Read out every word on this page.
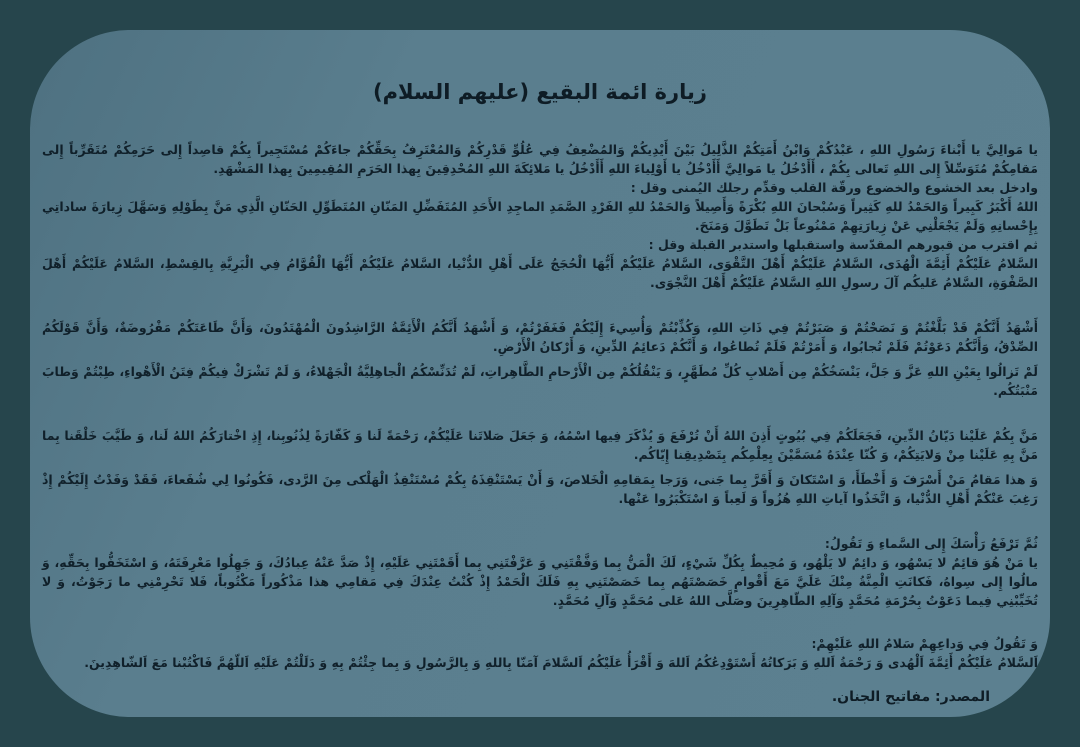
زيارة ائمة البقيع (عليهم السلام)

يا مَوالِيَّ يا أَبْناءَ رَسُولِ اللهِ ، عَبْدُكُمْ وَابْنُ أَمَتِكُمْ الذَّلِيلُ بَيْنَ أَيْدِيكُمْ وَالمُضْعِفُ فِي عُلُوِّ قَدْرِكُمْ وَالمُعْتَرِفُ بِحَقِّكُمْ جاءَكُمْ مُسْتَجِيراً بِكُمْ قاصِداً إِلى حَرَمِكُمْ مُتَقَرِّباً إِلى مَقامِكُمْ مُتَوَسِّلاً إِلى اللهِ تَعالى بِكُمْ ، أَأَدْخُلُ يا مَوالِيَّ أَأَدْخُلُ يا أَوْلِياءَ اللهِ أَأَدْخُلُ يا مَلائِكَةَ اللهِ المُحْدِقِينَ بِهذا الحَرَمِ المُقِيمِينَ بِهذا المَشْهَدِ.

وادخل بعد الخشوع والخضوع ورقّة القلب وقدِّم رجلك اليُمنى وقل :

اللهُ أَكْبَرُ كَبِيراً وَالحَمْدُ للهِ كَثِيراً وَسُبْحانَ اللهِ بُكْرَةً وَأَصِيلاً وَالحَمْدُ للهِ الفَرْدِ الصَّمَدِ الماجِدِ الأَحَدِ المُتَفَضِّلِ المَنّانِ المُتَطَوِّلِ الحَنّانِ الَّذِي مَنَّ بِطَوْلِهِ وَسَهَّلَ زِيارَةَ ساداتِي بِإِحْسانِهِ وَلَمْ يَجْعَلْنِي عَنْ زِيارَتِهِمْ مَمْنُوعاً بَلْ تَطَوَّلَ وَمَنَحَ.

ثم اقترب من قبورهم المقدّسة واستقبلها واستدبر القبلة وقل :

السَّلامُ عَلَيْكُمْ أَئِمَّةَ الْهُدَى، السَّلامُ عَلَيْكُمْ أَهْلَ التَّقْوَى، السَّلامُ عَلَيْكُمْ أَيُّهَا الْحُجَجُ عَلَى أَهْلِ الدُّنْيا، السَّلامُ عَلَيْكُمْ أَيُّهَا الْقُوَّامُ فِي الْبَرِيَّةِ بِالقِسْطِ، السَّلامُ عَلَيْكُمْ أَهْلَ الصَّفْوَةِ، السَّلامُ عَليكُم آلَ رسولِ اللهِ السَّلامُ عَلَيْكُمْ أَهْلَ النَّجْوَى.

أَشْهَدُ أَنَّكُمْ قَدْ بَلَّغْتُمْ وَ نَصَحْتُمْ وَ صَبَرْتُمْ فِي ذَاتِ اللهِ، وَكُذِّبْتُمْ وَأُسِيءَ إِلَيْكُمْ فَغَفَرْتُمْ، وَ أَشْهَدُ أَنَّكُمُ الْأَئِمَّةُ الرَّاشِدُونَ الْمُهْتَدُونَ، وَأَنَّ طَاعَتَكُمْ مَفْرُوضَةٌ، وَأَنَّ قَوْلَكُمُ الصِّدْقُ، وَأَنَّكُمْ دَعَوْتُمْ فَلَمْ تُجابُوا، وَ أَمَرْتُمْ فَلَمْ تُطاعُوا، وَ أَنَّكُمْ دَعائِمُ الدِّينِ، وَ أَرْكانُ الْأَرْضِ.

لَمْ تَزالُوا بِعَيْنِ اللهِ عَزَّ وَ جَلَّ، يَنْسَخُكُمْ مِن أَصْلابِ كُلِّ مُطَهَّرٍ، وَ يَنْقُلُكُمْ مِن الْأَرْحامِ الطَّاهِراتِ، لَمْ تُدَنِّسْكُمُ الْجاهِلِيَّةُ الْجَهْلاءُ، وَ لَمْ تَشْرَكْ فِيكُمْ فِتَنُ الْأَهْواءِ، طِبْتُمْ وَطابَ مَنْبَتُكُم.

مَنَّ بِكُمْ عَلَيْنا دَيّانُ الدِّينِ، فَجَعَلَكُمْ فِي بُيُوتٍ أَذِنَ اللهُ أَنْ تُرْفَعَ وَ يُذْكَرَ فِيها اسْمُهُ، وَ جَعَلَ صَلاتَنا عَلَيْكُمْ، رَحْمَةً لَنا وَ كَفّارَةً لِذُنُوبِنا، إِذِ اخْتارَكُمُ اللهُ لَنا، وَ طَيَّبَ خَلْقَنا بِما مَنَّ بِهِ عَلَيْنا مِنْ وَلايَتِكُمْ، وَ كُنّا عِنْدَهُ مُسَمَّيْنَ بِعِلْمِكُم بِتَصْدِيقِنا إِيّاكُم.

وَ هذا مَقامُ مَنْ أَسْرَفَ وَ أَخْطَأَ، وَ اسْتَكانَ وَ أَقَرَّ بِما جَنى، وَرَجا بِمَقامِهِ الْخَلاصَ، وَ أَنْ يَسْتَنْقِذَهُ بِكُمْ مُسْتَنْقِذُ الْهَلْكى مِنَ الرَّدى، فَكُونُوا لِي شُفَعاءَ، فَقَدْ وَفَدْتُ إِلَيْكُمْ إِذْ رَغِبَ عَنْكُمْ أَهْلِ الدُّنْيا، وَ اتَّخَذُوا آياتِ اللهِ هُزُواً وَ لَعِباً وَ اسْتَكْبَرُوا عَنْها.

ثُمَّ تَرْفَعُ رَأْسَكَ إِلى السَّماءِ وَ تَقُولُ:

يا مَنْ هُوَ قائِمٌ لا يَسْهُو، وَ دائِمٌ لا يَلْهُو، وَ مُحِيطٌ بِكُلِّ شَيْءٍ، لَكَ الْمَنُّ بِما وَفَّقْتَنِي وَ عَرَّفْتَنِي بِما أَقَمْتَنِي عَلَيْهِ، إِذْ صَدَّ عَنْهُ عِبادُكَ، وَ جَهِلُوا مَعْرِفَتَهُ، وَ اسْتَخَفُّوا بِحَقِّهِ، وَ مالُوا إِلى سِواهُ، فَكانَتِ الْمِنَّةُ مِنْكَ عَلَيَّ مَعَ أَقْوامٍ خَصَصْتَهُم بِما خَصَصْتَنِي بِهِ فَلَكَ الْحَمْدُ إِذْ كُنْتُ عِنْدَكَ فِي مَقامِي هذا مَذْكُوراً مَكْتُوباً، فَلا تَحْرِمْنِي ما رَجَوْتُ، وَ لا تُخَيِّبْنِي فِيما دَعَوْتُ بِحُرْمَةِ مُحَمَّدٍ وَآلِهِ الطّاهِرِينَ وصَلَّى اللهُ عَلى مُحَمَّدٍ وَآلِ مُحَمَّدٍ.

وَ تَقُولُ فِي وَداعِهِمْ سَلامُ اللهِ عَلَيْهِمْ:

اَلسَّلامُ عَلَيْكُمْ أَئِمَّةَ اَلْهُدى وَ رَحْمَةُ اَللهِ وَ بَرَكاتُهُ أَسْتَوْدِعُكُمُ اَللهَ وَ أَقْرَأُ عَلَيْكُمُ اَلسَّلامَ آمَنّا بِاللهِ وَ بِالرَّسُولِ وَ بِما جِئْتُمْ بِهِ وَ دَلَلْتُمْ عَلَيْهِ اَللّهُمَّ فَاكْتُبْنا مَعَ اَلشّاهِدِينَ.

المصدر: مفاتيح الجنان.
